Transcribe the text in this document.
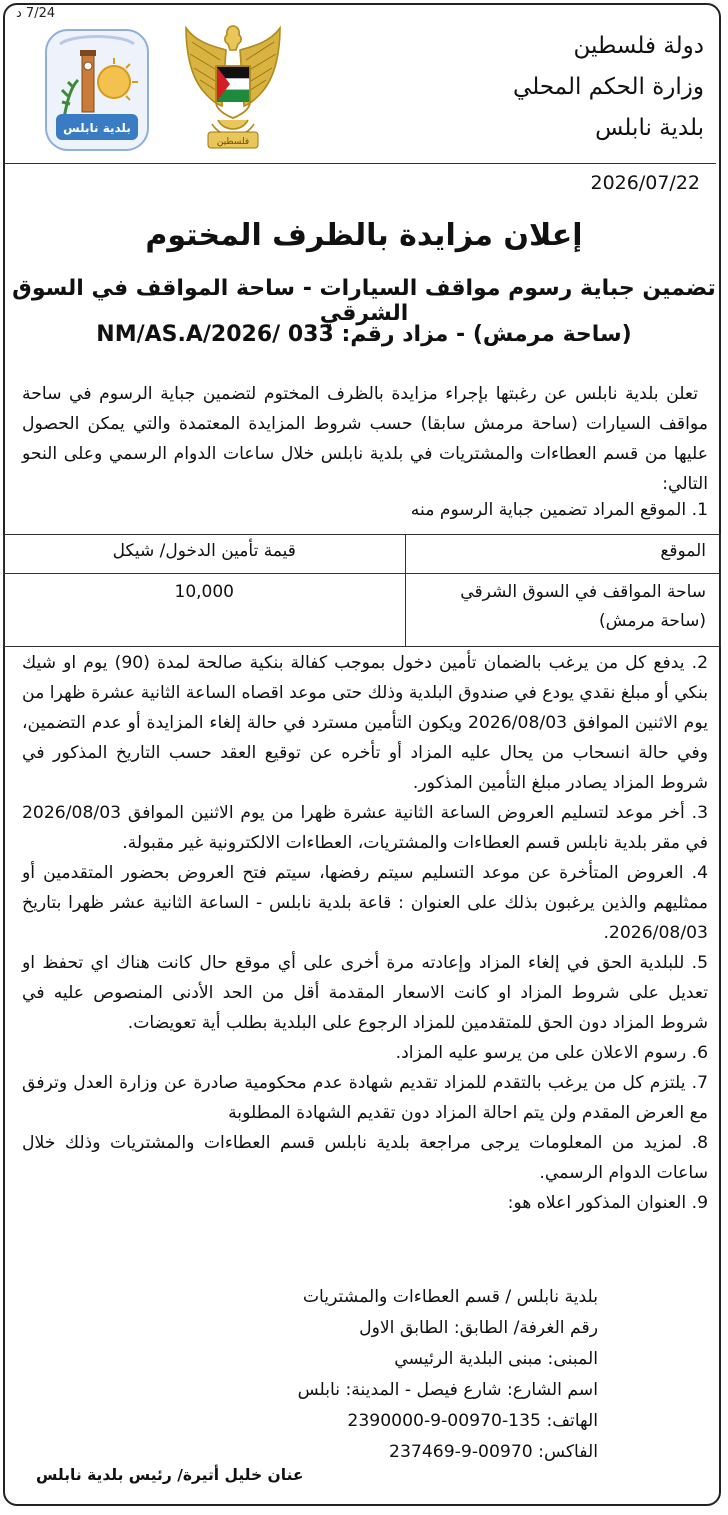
7/24 د
دولة فلسطين
وزارة الحكم المحلي
بلدية نابلس
فلسطين
بلدية نابلس
2026/07/22
إعلان مزايدة بالظرف المختوم
تضمين جباية رسوم مواقف السيارات - ساحة المواقف في السوق الشرقي
(ساحة مرمش) - مزاد رقم: 033 /NM/AS.A/2026

تعلن بلدية نابلس عن رغبتها بإجراء مزايدة بالظرف المختوم لتضمين جباية الرسوم في ساحة مواقف السيارات (ساحة مرمش سابقا) حسب شروط المزايدة المعتمدة والتي يمكن الحصول عليها من قسم العطاءات والمشتريات في بلدية نابلس خلال ساعات الدوام الرسمي وعلى النحو التالي:

1. الموقع المراد تضمين جباية الرسوم منه
الموقع	قيمة تأمين الدخول/ شيكل
ساحة المواقف في السوق الشرقي (ساحة مرمش)	10,000
2. يدفع كل من يرغب بالضمان تأمين دخول بموجب كفالة بنكية صالحة لمدة (90) يوم او شيك بنكي أو مبلغ نقدي يودع في صندوق البلدية وذلك حتى موعد اقصاه الساعة الثانية عشرة ظهرا من يوم الاثنين الموافق 2026/08/03 ويكون التأمين مسترد في حالة إلغاء المزايدة أو عدم التضمين، وفي حالة انسحاب من يحال عليه المزاد أو تأخره عن توقيع العقد حسب التاريخ المذكور في شروط المزاد يصادر مبلغ التأمين المذكور.
3. أخر موعد لتسليم العروض الساعة الثانية عشرة ظهرا من يوم الاثنين الموافق 2026/08/03 في مقر بلدية نابلس قسم العطاءات والمشتريات، العطاءات الالكترونية غير مقبولة.
4. العروض المتأخرة عن موعد التسليم سيتم رفضها، سيتم فتح العروض بحضور المتقدمين أو ممثليهم والذين يرغبون بذلك على العنوان : قاعة بلدية نابلس - الساعة الثانية عشر ظهرا بتاريخ 2026/08/03.
5. للبلدية الحق في إلغاء المزاد وإعادته مرة أخرى على أي موقع حال كانت هناك اي تحفظ او تعديل على شروط المزاد او كانت الاسعار المقدمة أقل من الحد الأدنى المنصوص عليه في شروط المزاد دون الحق للمتقدمين للمزاد الرجوع على البلدية بطلب أية تعويضات.
6. رسوم الاعلان على من يرسو عليه المزاد.
7. يلتزم كل من يرغب بالتقدم للمزاد تقديم شهادة عدم محكومية صادرة عن وزارة العدل وترفق مع العرض المقدم ولن يتم احالة المزاد دون تقديم الشهادة المطلوبة
8. لمزيد من المعلومات يرجى مراجعة بلدية نابلس قسم العطاءات والمشتريات وذلك خلال ساعات الدوام الرسمي.
9. العنوان المذكور اعلاه هو:
بلدية نابلس / قسم العطاءات والمشتريات
رقم الغرفة/ الطابق: الطابق الاول
المبنى: مبنى البلدية الرئيسي
اسم الشارع: شارع فيصل - المدينة: نابلس
الهاتف: 135-00970-9-2390000
الفاكس: 00970-9-237469
عنان خليل أتيرة/ رئيس بلدية نابلس
